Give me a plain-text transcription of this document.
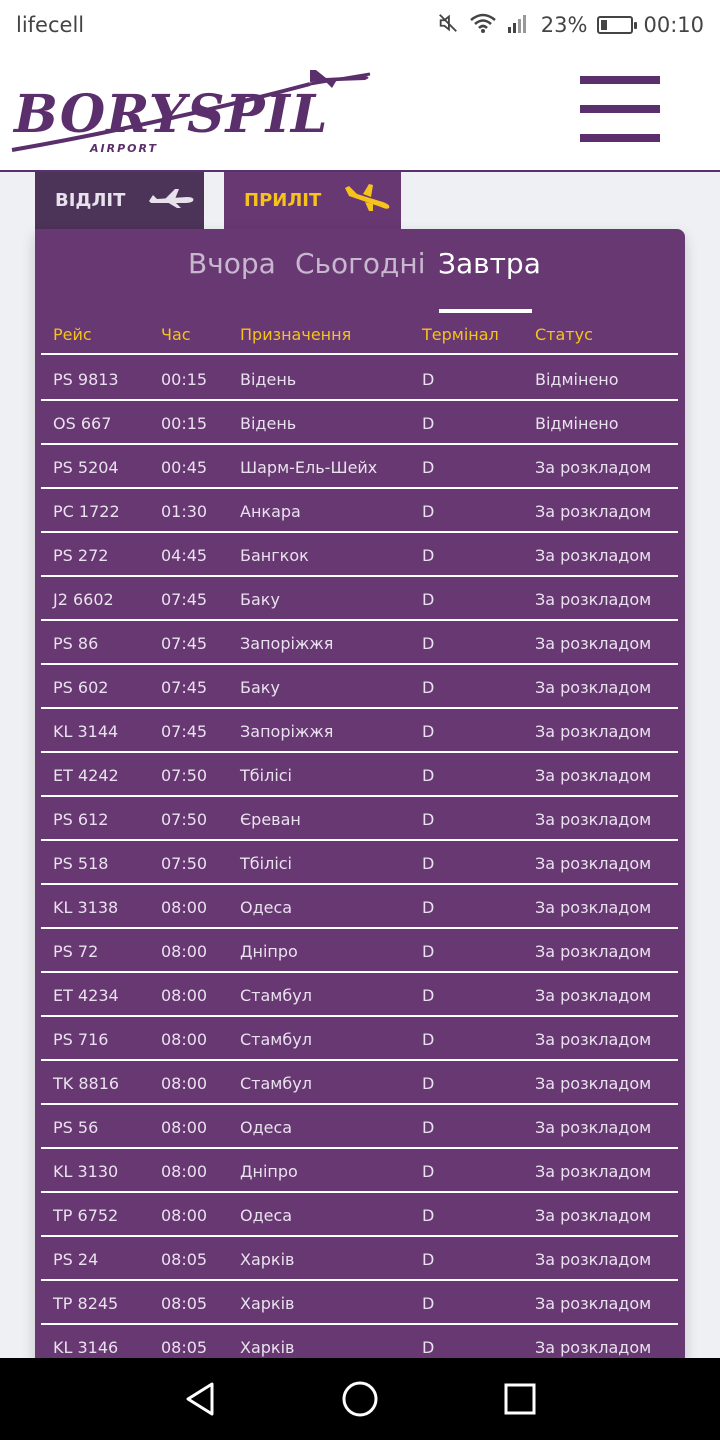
lifecell	23%	00:10
BORYSPIL
AIRPORT
ВІДЛІТ	ПРИЛІТ
Вчора Сьогодні Завтра
Рейс	Час	Призначення	Термінал Статус
PS 9813	00:15 Відень	D	Відмінено
OS 667	00:15 Відень	D	Відмінено
PS 5204	00:45 Шарм-Ель-Шейх	D	За розкладом
PC 1722	01:30 Анкара	D	За розкладом
PS 272	04:45 Бангкок	D	За розкладом
J2 6602	07:45 Баку	D	За розкладом
PS 86	07:45 Запоріжжя	D	За розкладом
PS 602	07:45 Баку	D	За розкладом
KL 3144	07:45 Запоріжжя	D	За розкладом
ET 4242	07:50 Тбілісі	D	За розкладом
PS 612	07:50 Єреван	D	За розкладом
PS 518	07:50 Тбілісі	D	За розкладом
KL 3138	08:00 Одеса	D	За розкладом
PS 72	08:00 Дніпро	D	За розкладом
ET 4234	08:00 Стамбул	D	За розкладом
PS 716	08:00 Стамбул	D	За розкладом
TK 8816	08:00 Стамбул	D	За розкладом
PS 56	08:00 Одеса	D	За розкладом
KL 3130	08:00 Дніпро	D	За розкладом
TP 6752	08:00 Одеса	D	За розкладом
PS 24	08:05 Харків	D	За розкладом
TP 8245	08:05 Харків	D	За розкладом
KL 3146	08:05 Харків	D	За розкладом
